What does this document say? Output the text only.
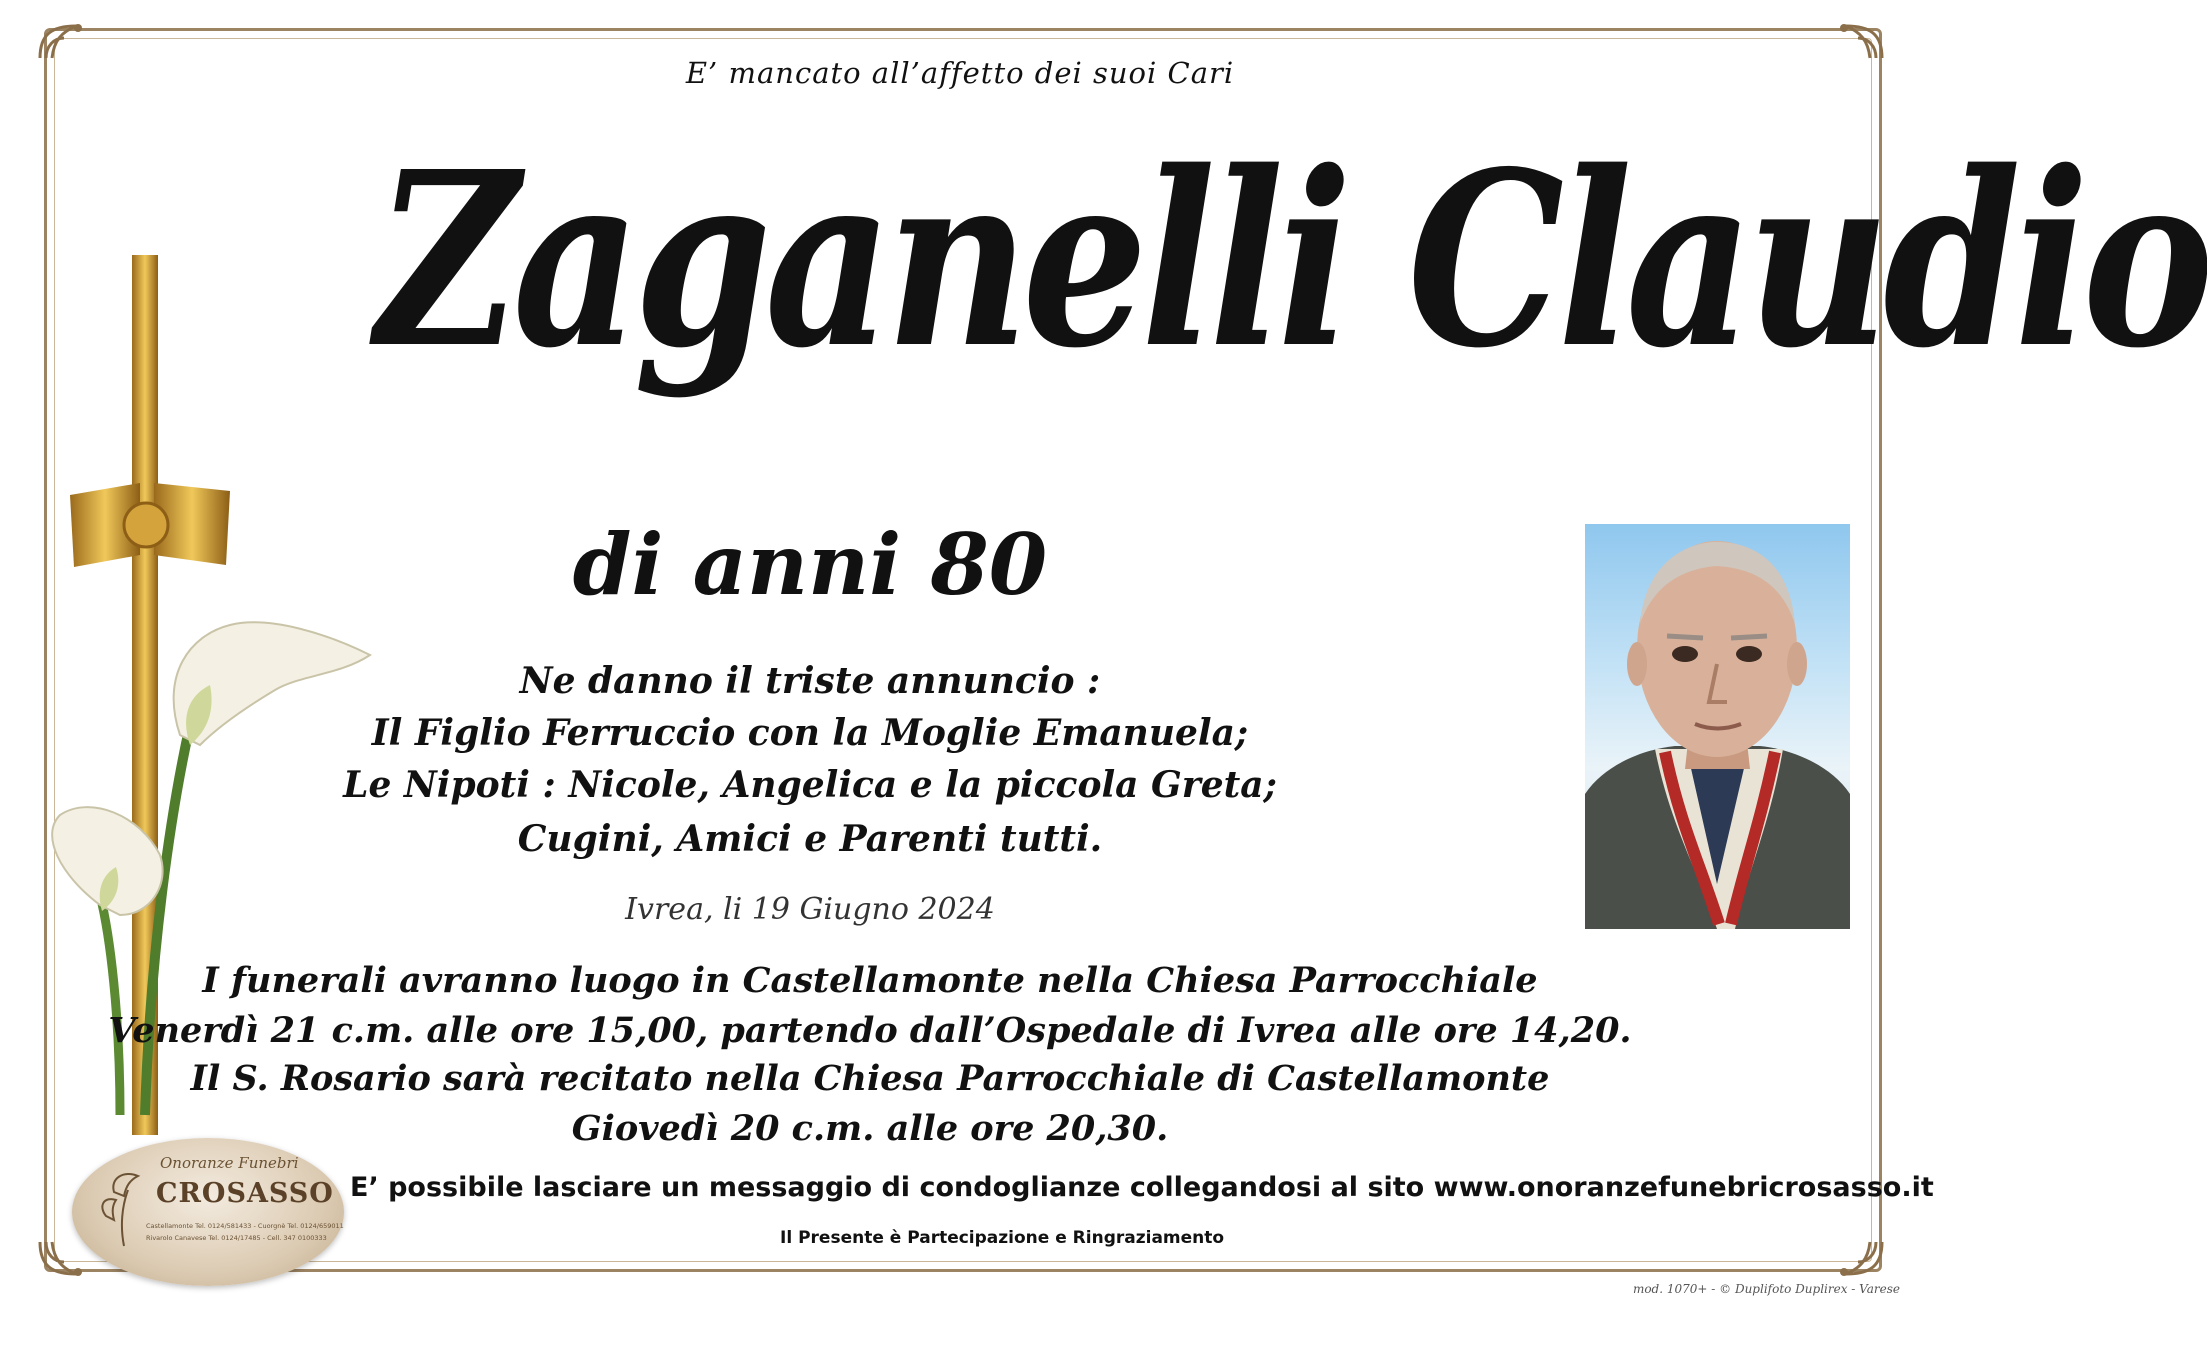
E’ mancato all’affetto dei suoi Cari
Zaganelli Claudio
di anni 80
Ne danno il triste annuncio :
Il Figlio Ferruccio con la Moglie Emanuela;
Le Nipoti : Nicole, Angelica e la piccola Greta;
Cugini, Amici e Parenti tutti.
Ivrea, li 19 Giugno 2024
I funerali avranno luogo in Castellamonte nella Chiesa Parrocchiale
Venerdì 21 c.m. alle ore 15,00, partendo dall’Ospedale di Ivrea alle ore 14,20.
Il S. Rosario sarà recitato nella Chiesa Parrocchiale di Castellamonte
Giovedì 20 c.m. alle ore 20,30.
E’ possibile lasciare un messaggio di condoglianze collegandosi al sito www.onoranzefunebricrosasso.it
Il Presente è Partecipazione e Ringraziamento
mod. 1070+ - © Duplifoto Duplirex - Varese
Onoranze Funebri
CROSASSO
Castellamonte Tel. 0124/581433 - Cuorgnè Tel. 0124/659011
Rivarolo Canavese Tel. 0124/17485 - Cell. 347 0100333
